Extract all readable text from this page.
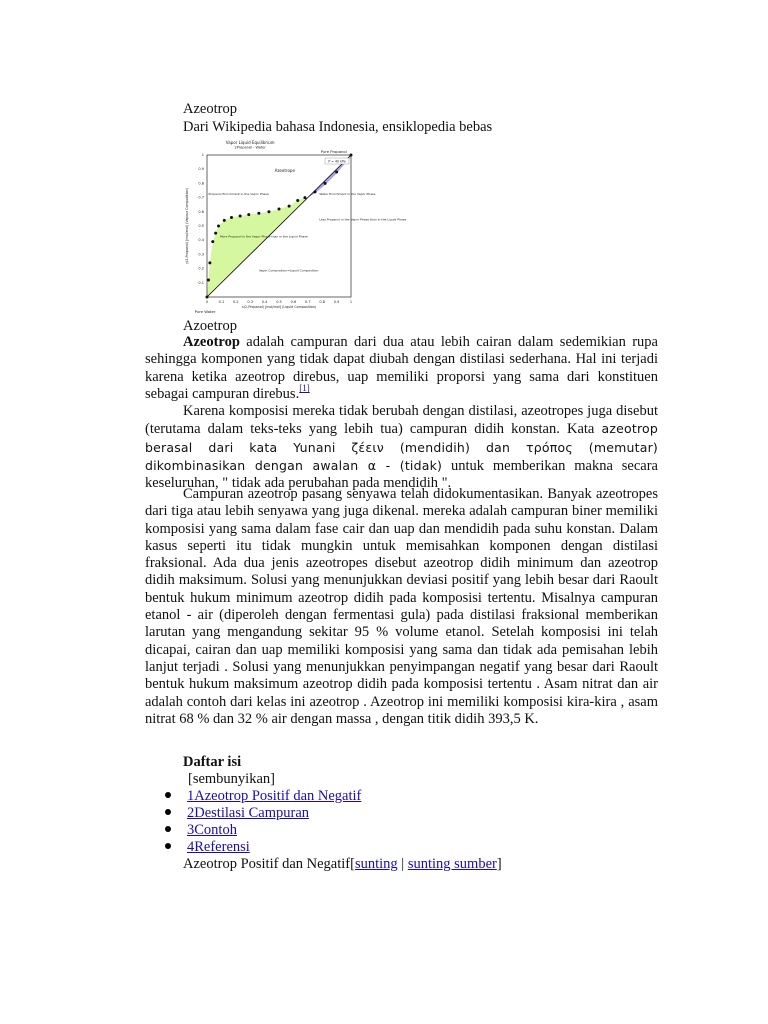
Azeotrop
Dari Wikipedia bahasa Indonesia, ensiklopedia bebas
0	0.1	0.2	0.3	0.4	0.5	0.6	0.7	0.8	0.9	1
0.1
0.2
0.3
0.4
0.5
0.6
0.7
0.8
0.9
1
Vapor Liquid Equilibrium
2Propanol - Water
x(2-Propanol) [mol/mol] (Liquid Composition)
y(2-Propanol) [mol/mol] (Vapour Composition)
P = 40 kPa
Pure Propanol
Pure Water
Azeotrope
Propanol Enrichment in the Vapor Phase	Water Enrichment in the Vapor Phase
More Propanol in the Vapor Phase than in the Liquid Phase
Less Propanol in the Vapor Phase than in the Liquid Phase
Vapor Composition=Liquid Composition
Azoetrop
Azeotrop adalah campuran dari dua atau lebih cairan dalam sedemikian rupa sehingga komponen yang tidak dapat diubah dengan distilasi sederhana. Hal ini terjadi karena ketika azeotrop direbus, uap memiliki proporsi yang sama dari konstituen sebagai campuran direbus.[1]
Karena komposisi mereka tidak berubah dengan distilasi, azeotropes juga disebut (terutama dalam teks-teks yang lebih tua) campuran didih konstan. Kata azeotrop berasal dari kata Yunani ζέειν (mendidih) dan τρόπος (memutar) dikombinasikan dengan awalan α - (tidak) untuk memberikan makna secara keseluruhan, " tidak ada perubahan pada mendidih ".
Campuran azeotrop pasang senyawa telah didokumentasikan. Banyak azeotropes dari tiga atau lebih senyawa yang juga dikenal. mereka adalah campuran biner memiliki komposisi yang sama dalam fase cair dan uap dan mendidih pada suhu konstan. Dalam kasus seperti itu tidak mungkin untuk memisahkan komponen dengan distilasi fraksional. Ada dua jenis azeotropes disebut azeotrop didih minimum dan azeotrop didih maksimum. Solusi yang menunjukkan deviasi positif yang lebih besar dari Raoult bentuk hukum minimum azeotrop didih pada komposisi tertentu. Misalnya campuran etanol - air (diperoleh dengan fermentasi gula) pada distilasi fraksional memberikan larutan yang mengandung sekitar 95 % volume etanol. Setelah komposisi ini telah dicapai, cairan dan uap memiliki komposisi yang sama dan tidak ada pemisahan lebih lanjut terjadi . Solusi yang menunjukkan penyimpangan negatif yang besar dari Raoult bentuk hukum maksimum azeotrop didih pada komposisi tertentu . Asam nitrat dan air adalah contoh dari kelas ini azeotrop . Azeotrop ini memiliki komposisi kira-kira , asam nitrat 68 % dan 32 % air dengan massa , dengan titik didih 393,5 K.
Daftar isi
[sembunyikan]
1Azeotrop Positif dan Negatif
2Destilasi Campuran
3Contoh
4Referensi
Azeotrop Positif dan Negatif[sunting | sunting sumber]
